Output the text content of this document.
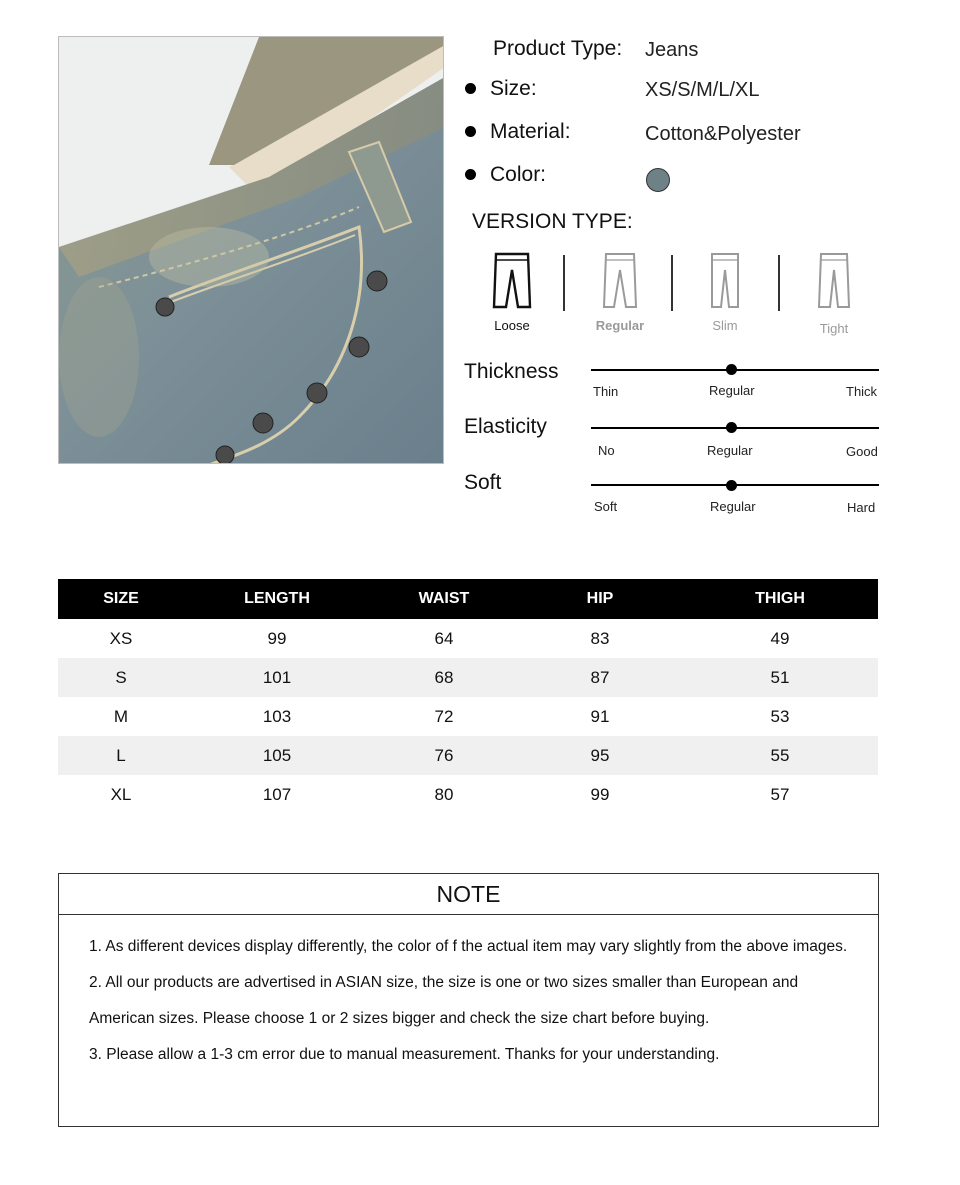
Product Type: Jeans
Size:	XS/S/M/L/XL
Material:	Cotton&Polyester
Color:
VERSION TYPE:
Loose	Regular	Slim	Tight
Thickness
Thin	Regular	Thick
Elasticity
No	Regular	Good
Soft
Soft	Regular	Hard
SIZE	LENGTH	WAIST	HIP	THIGH
XS	99	64	83	49
S	101	68	87	51
M	103	72	91	53
L	105	76	95	55
XL	107	80	99	57
NOTE

1. As different devices display differently, the color of f the actual item may vary slightly from the above images.

2. All our products are advertised in ASIAN size, the size is one or two sizes smaller than European and American sizes. Please choose 1 or 2 sizes bigger and check the size chart before buying.

3. Please allow a 1-3 cm error due to manual measurement. Thanks for your understanding.
